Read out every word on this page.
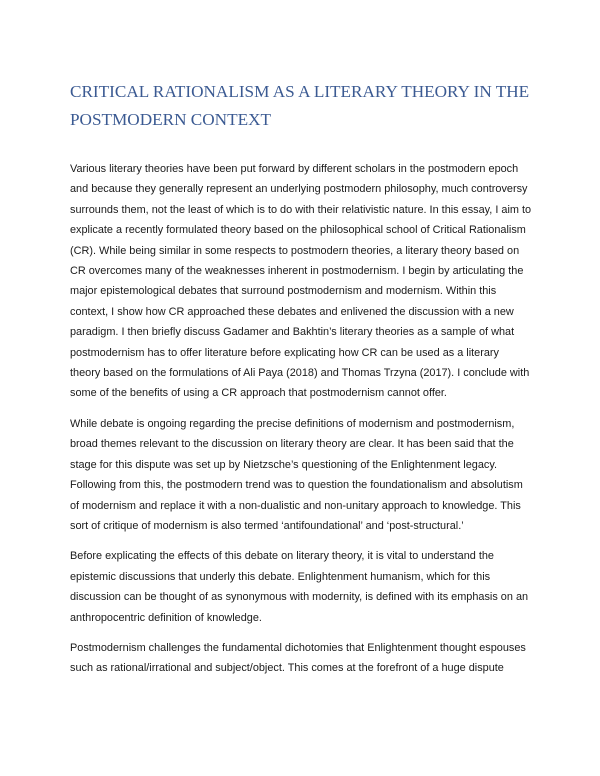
CRITICAL RATIONALISM AS A LITERARY THEORY IN THE POSTMODERN CONTEXT

Various literary theories have been put forward by different scholars in the postmodern epoch and because they generally represent an underlying postmodern philosophy, much controversy surrounds them, not the least of which is to do with their relativistic nature. In this essay, I aim to explicate a recently formulated theory based on the philosophical school of Critical Rationalism (CR). While being similar in some respects to postmodern theories, a literary theory based on CR overcomes many of the weaknesses inherent in postmodernism. I begin by articulating the major epistemological debates that surround postmodernism and modernism. Within this context, I show how CR approached these debates and enlivened the discussion with a new paradigm. I then briefly discuss Gadamer and Bakhtin’s literary theories as a sample of what postmodernism has to offer literature before explicating how CR can be used as a literary theory based on the formulations of Ali Paya (2018) and Thomas Trzyna (2017). I conclude with some of the benefits of using a CR approach that postmodernism cannot offer.

While debate is ongoing regarding the precise definitions of modernism and postmodernism, broad themes relevant to the discussion on literary theory are clear. It has been said that the stage for this dispute was set up by Nietzsche’s questioning of the Enlightenment legacy. Following from this, the postmodern trend was to question the foundationalism and absolutism of modernism and replace it with a non-dualistic and non-unitary approach to knowledge. This sort of critique of modernism is also termed ‘antifoundational’ and ‘post-structural.’

Before explicating the effects of this debate on literary theory, it is vital to understand the epistemic discussions that underly this debate. Enlightenment humanism, which for this discussion can be thought of as synonymous with modernity, is defined with its emphasis on an anthropocentric definition of knowledge.

Postmodernism challenges the fundamental dichotomies that Enlightenment thought espouses such as rational/irrational and subject/object. This comes at the forefront of a huge dispute
